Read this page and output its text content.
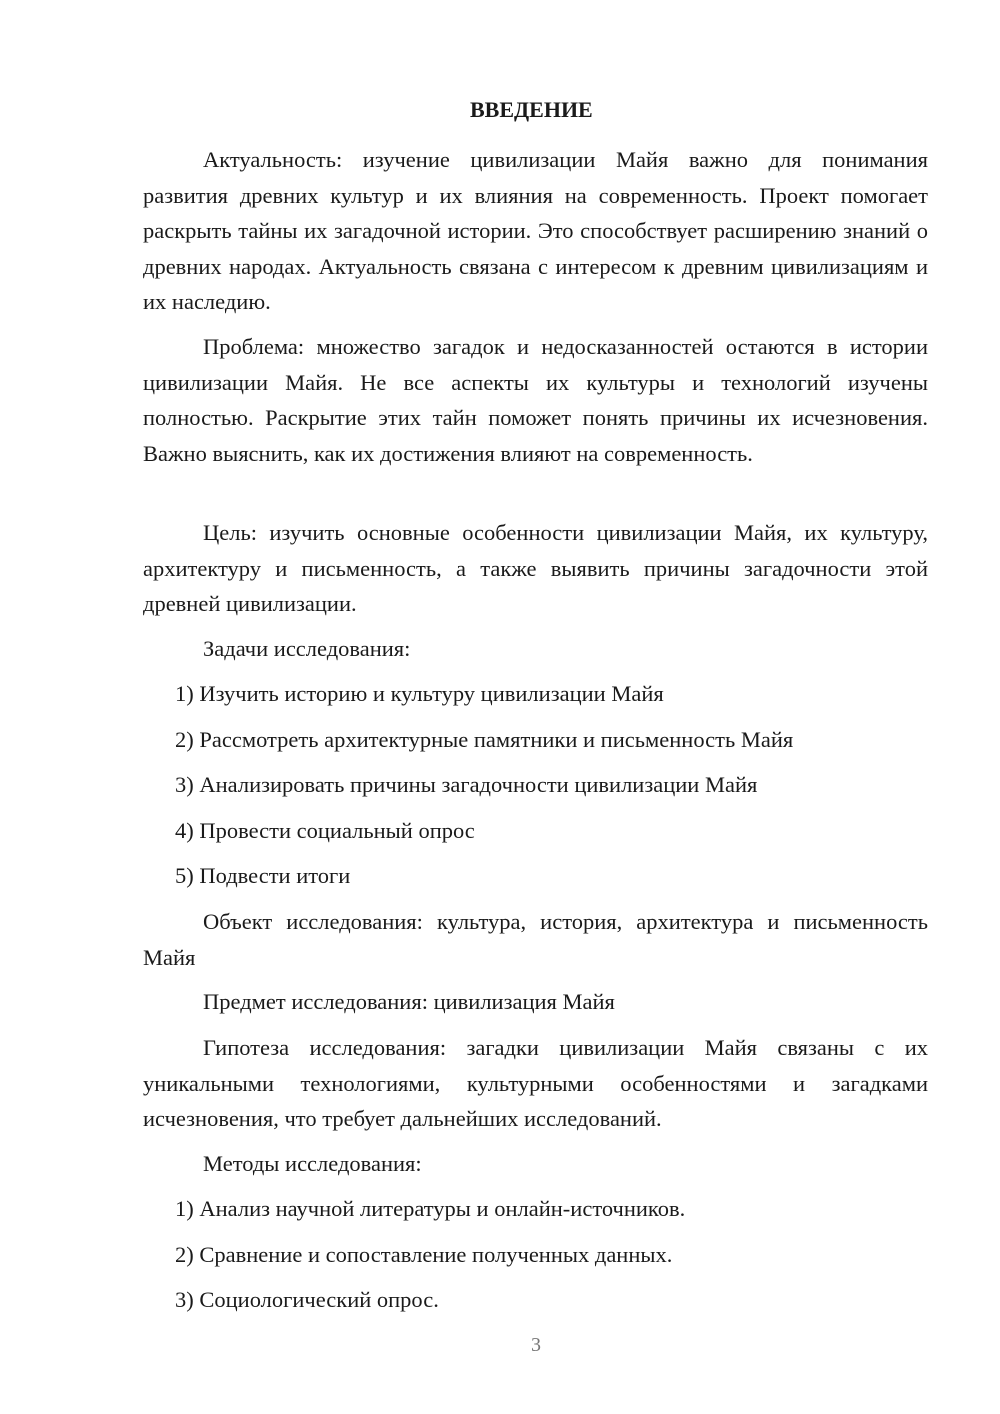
ВВЕДЕНИЕ

Актуальность: изучение цивилизации Майя важно для понимания развития древних культур и их влияния на современность. Проект помогает раскрыть тайны их загадочной истории. Это способствует расширению знаний о древних народах. Актуальность связана с интересом к древним цивилизациям и их наследию.

Проблема: множество загадок и недосказанностей остаются в истории цивилизации Майя. Не все аспекты их культуры и технологий изучены полностью. Раскрытие этих тайн поможет понять причины их исчезновения. Важно выяснить, как их достижения влияют на современность.

Цель: изучить основные особенности цивилизации Майя, их культуру, архитектуру и письменность, а также выявить причины загадочности этой древней цивилизации.

Задачи исследования:
1) Изучить историю и культуру цивилизации Майя
2) Рассмотреть архитектурные памятники и письменность Майя
3) Анализировать причины загадочности цивилизации Майя
4) Провести социальный опрос
5) Подвести итоги

Объект исследования: культура, история, архитектура и письменность Майя

Предмет исследования: цивилизация Майя

Гипотеза исследования: загадки цивилизации Майя связаны с их уникальными технологиями, культурными особенностями и загадками исчезновения, что требует дальнейших исследований.

Методы исследования:
1) Анализ научной литературы и онлайн-источников.
2) Сравнение и сопоставление полученных данных.
3) Социологический опрос.
3
